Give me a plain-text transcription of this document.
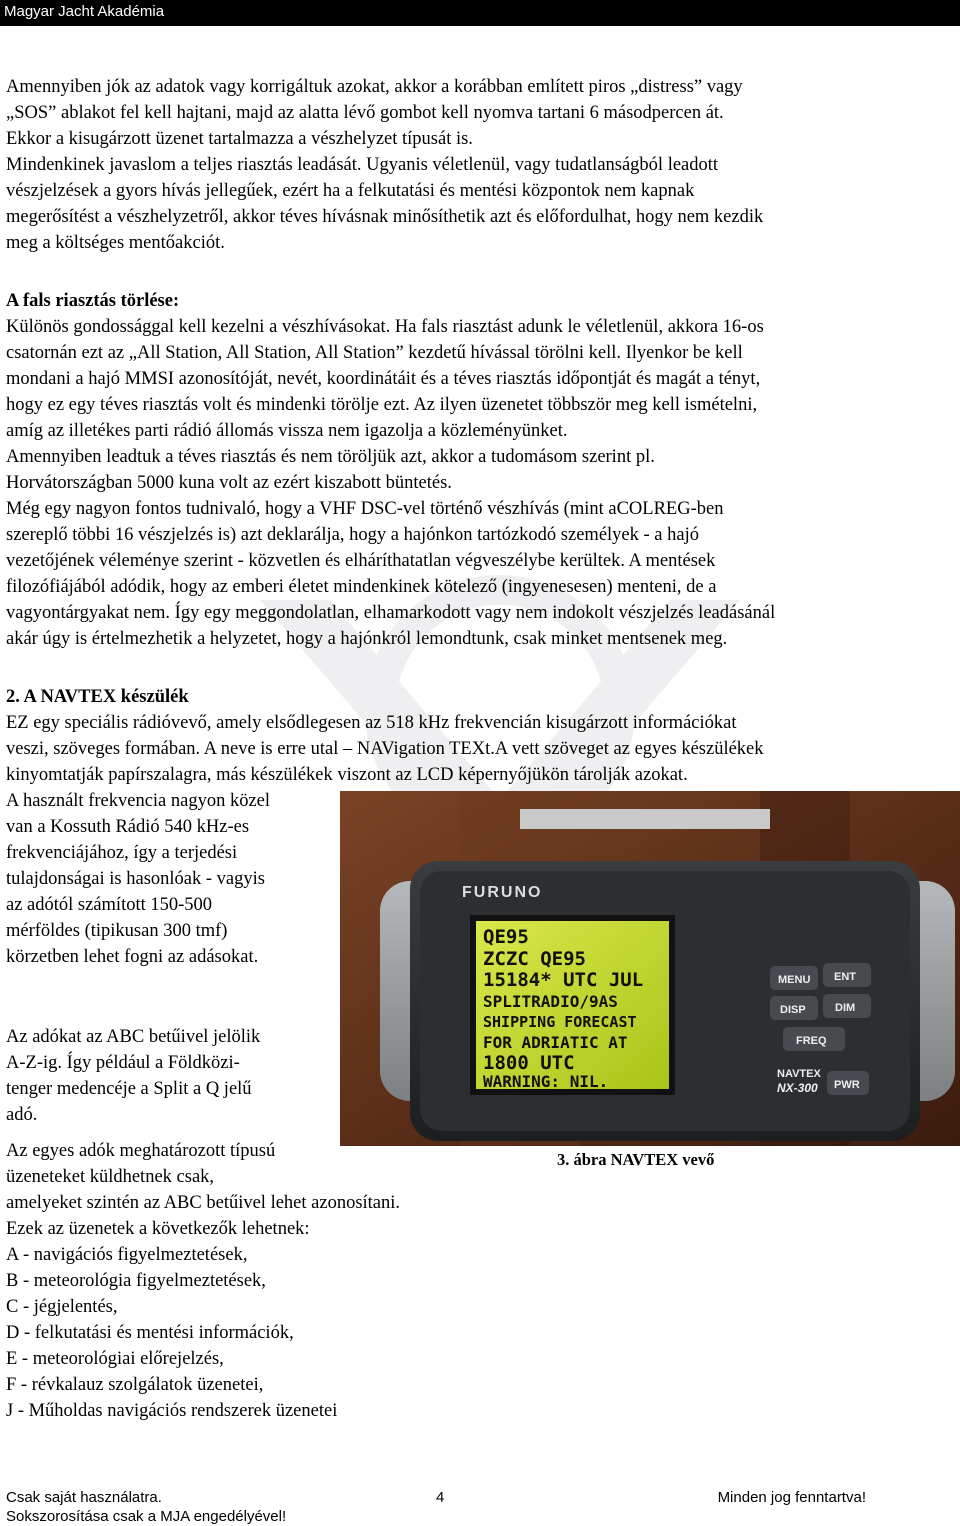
Magyar Jacht Akadémia
Amennyiben jók az adatok vagy korrigáltuk azokat, akkor a korábban említett piros „distress” vagy
„SOS” ablakot fel kell hajtani, majd az alatta lévő gombot kell nyomva tartani 6 másodpercen át.
Ekkor a kisugárzott üzenet tartalmazza a vészhelyzet típusát is.
Mindenkinek javaslom a teljes riasztás leadását. Ugyanis véletlenül, vagy tudatlanságból leadott
vészjelzések a gyors hívás jellegűek, ezért ha a felkutatási és mentési központok nem kapnak
megerősítést a vészhelyzetről, akkor téves hívásnak minősíthetik azt és előfordulhat, hogy nem kezdik
meg a költséges mentőakciót.
A fals riasztás törlése:
Különös gondossággal kell kezelni a vészhívásokat. Ha fals riasztást adunk le véletlenül, akkora 16-os
csatornán ezt az „All Station, All Station, All Station” kezdetű hívással törölni kell. Ilyenkor be kell
mondani a hajó MMSI azonosítóját, nevét, koordinátáit és a téves riasztás időpontját és magát a tényt,
hogy ez egy téves riasztás volt és mindenki törölje ezt. Az ilyen üzenetet többször meg kell ismételni,
amíg az illetékes parti rádió állomás vissza nem igazolja a közleményünket.
Amennyiben leadtuk a téves riasztás és nem töröljük azt, akkor a tudomásom szerint pl.
Horvátországban 5000 kuna volt az ezért kiszabott büntetés.
Még egy nagyon fontos tudnivaló, hogy a VHF DSC-vel történő vészhívás (mint aCOLREG-ben
szereplő többi 16 vészjelzés is) azt deklarálja, hogy a hajónkon tartózkodó személyek - a hajó
vezetőjének véleménye szerint - közvetlen és elháríthatatlan végveszélybe kerültek. A mentések
filozófiájából adódik, hogy az emberi életet mindenkinek kötelező (ingyenesesen) menteni, de a
vagyontárgyakat nem. Így egy meggondolatlan, elhamarkodott vagy nem indokolt vészjelzés leadásánál
akár úgy is értelmezhetik a helyzetet, hogy a hajónkról lemondtunk, csak minket mentsenek meg.
2. A NAVTEX készülék
EZ egy speciális rádióvevő, amely elsődlegesen az 518 kHz frekvencián kisugárzott információkat
veszi, szöveges formában. A neve is erre utal – NAVigation TEXt.A vett szöveget az egyes készülékek
kinyomtatják papírszalagra, más készülékek viszont az LCD képernyőjükön tárolják azokat.
A használt frekvencia nagyon közel
van a Kossuth Rádió 540 kHz-es
frekvenciájához, így a terjedési
tulajdonságai is hasonlóak - vagyis
az adótól számított 150-500
mérföldes (tipikusan 300 tmf)
körzetben lehet fogni az adásokat.
Az adókat az ABC betűivel jelölik
A-Z-ig. Így például a Földközi-
tenger medencéje a Split a Q jelű
adó.
Az egyes adók meghatározott típusú
üzeneteket küldhetnek csak,
amelyeket szintén az ABC betűivel lehet azonosítani.
Ezek az üzenetek a következők lehetnek:
A - navigációs figyelmeztetések,
B - meteorológia figyelmeztetések,
C - jégjelentés,
D - felkutatási és mentési információk,
E - meteorológiai előrejelzés,
F - révkalauz szolgálatok üzenetei,
J - Műholdas navigációs rendszerek üzenetei
FURUNO
QE95
ZCZC QE95
15184* UTC JUL
SPLITRADIO/9AS
SHIPPING FORECAST
FOR ADRIATIC AT
1800 UTC
WARNING: NIL.
MENU ENT
DISP	DIM
FREQ
NAVTEX
NX-300 PWR
3. ábra NAVTEX vevő
Csak saját használatra.
Sokszorosítása csak a MJA engedélyével!
4	Minden jog fenntartva!
